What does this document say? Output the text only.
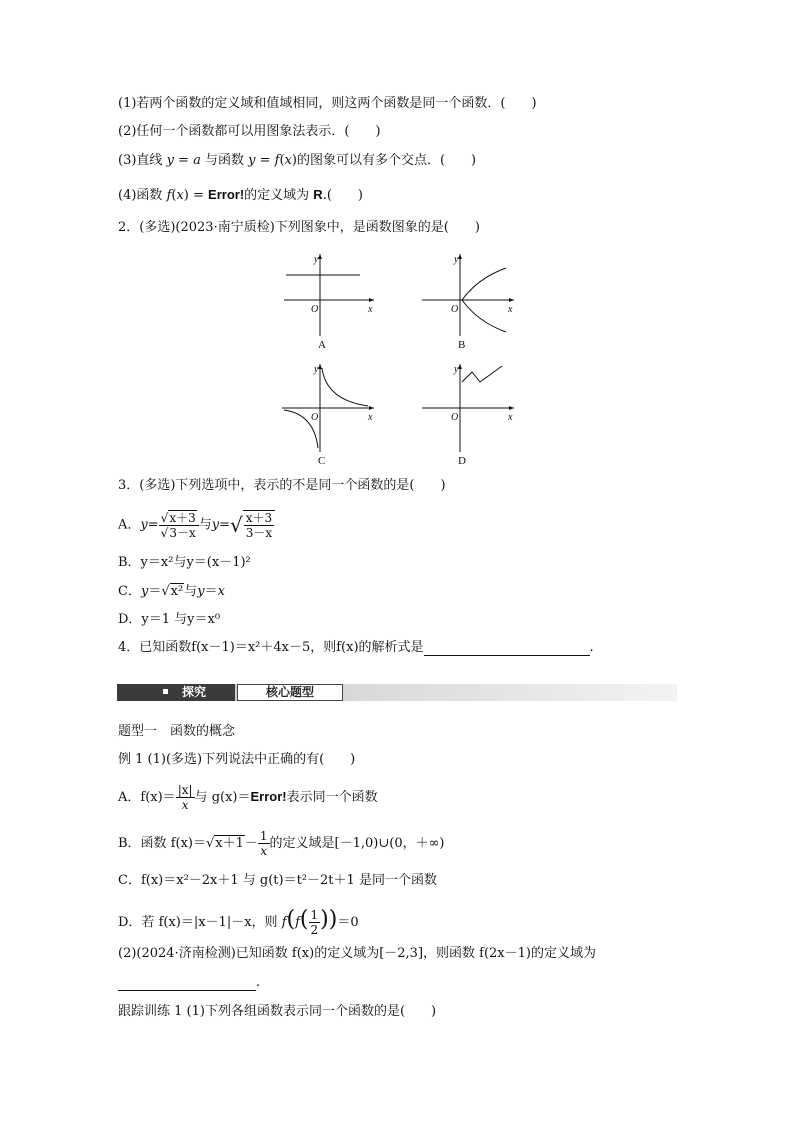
(1)若两个函数的定义域和值域相同，则这两个函数是同一个函数．(　　)
(2)任何一个函数都可以用图象法表示．(　　)
(3)直线 y = a 与函数 y = f(x)的图象可以有多个交点．(　　)
(4)函数 f(x) = Error!的定义域为 R.(　　)
2．(多选)(2023·南宁质检)下列图象中，是函数图象的是(　　)
O	x
y
A
O	x
y
B
O	x
y
C
O	x
y
D
3．(多选)下列选项中，表示的不是同一个函数的是(　　)
A．$y= \frac{√x+3}{√3-x}$ 与$y=√ \frac{x+3}{3-x}$
B．y＝x²与y＝(x－1)²
C．y＝√x²与y＝x
D．y＝1 与y＝x⁰
4．已知函数f(x－1)＝x²＋4x－5，则f(x)的解析式是	.
探究	核心题型
题型一　函数的概念
例 1 (1)(多选)下列说法中正确的有(　　)
A．$f(x)= \frac{|x|}{x}$ 与 g(x)＝Error!表示同一个函数
B．函数 $f(x)=√x+1- \frac{1}{x}$ 的定义域是[－1,0)∪(0，＋∞)
C．f(x)＝x²－2x＋1 与 g(t)＝t²－2t＋1 是同一个函数
D．若 f(x)＝|x－1|－x，则 $f(f( \frac{1}{2} ))=0$
(2)(2024·济南检测)已知函数 f(x)的定义域为[－2,3]，则函数 f(2x－1)的定义域为
.
跟踪训练 1 (1)下列各组函数表示同一个函数的是(　　)
